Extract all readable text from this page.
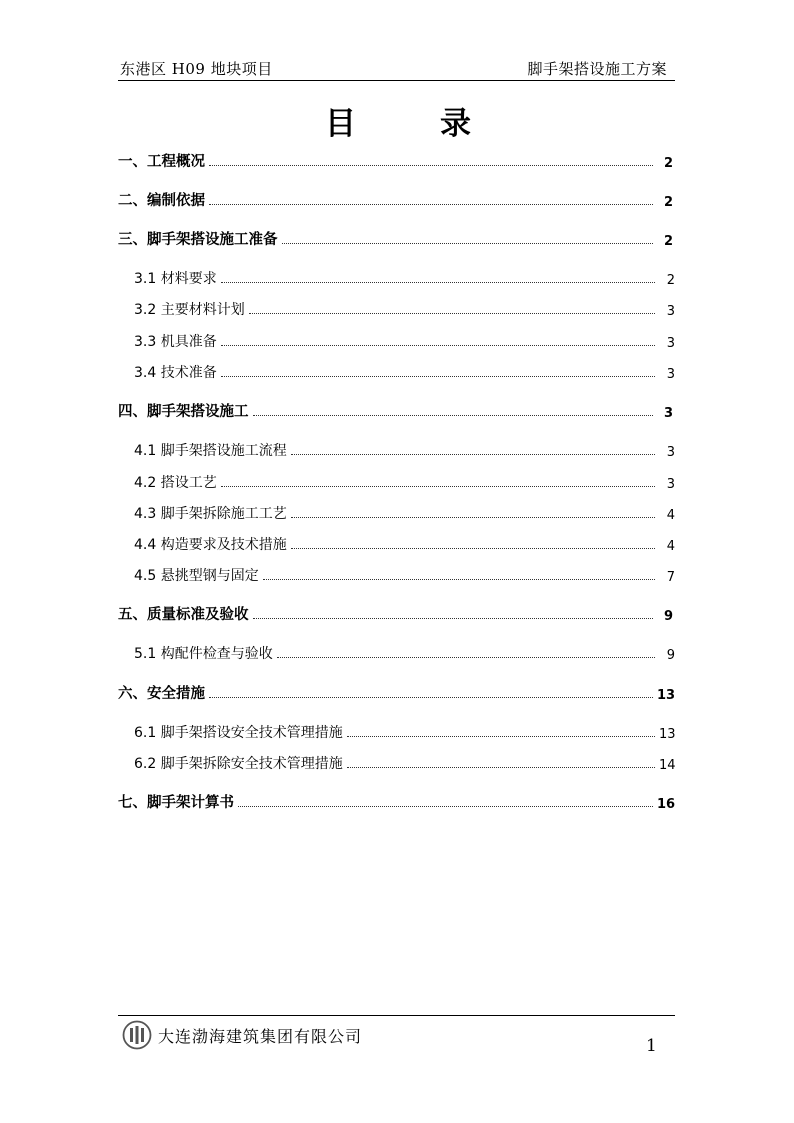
东港区 H09 地块项目	脚手架搭设施工方案
目	录
一、工程概况	2
二、编制依据	2
三、脚手架搭设施工准备	2
3.1 材料要求	2
3.2 主要材料计划	3
3.3 机具准备	3
3.4 技术准备	3
四、脚手架搭设施工	3
4.1 脚手架搭设施工流程	3
4.2 搭设工艺	3
4.3 脚手架拆除施工工艺	4
4.4 构造要求及技术措施	4
4.5 悬挑型钢与固定	7
五、质量标准及验收	9
5.1 构配件检查与验收	9
六、安全措施	13
6.1 脚手架搭设安全技术管理措施	13
6.2 脚手架拆除安全技术管理措施	14
七、脚手架计算书	16
大连渤海建筑集团有限公司	1
